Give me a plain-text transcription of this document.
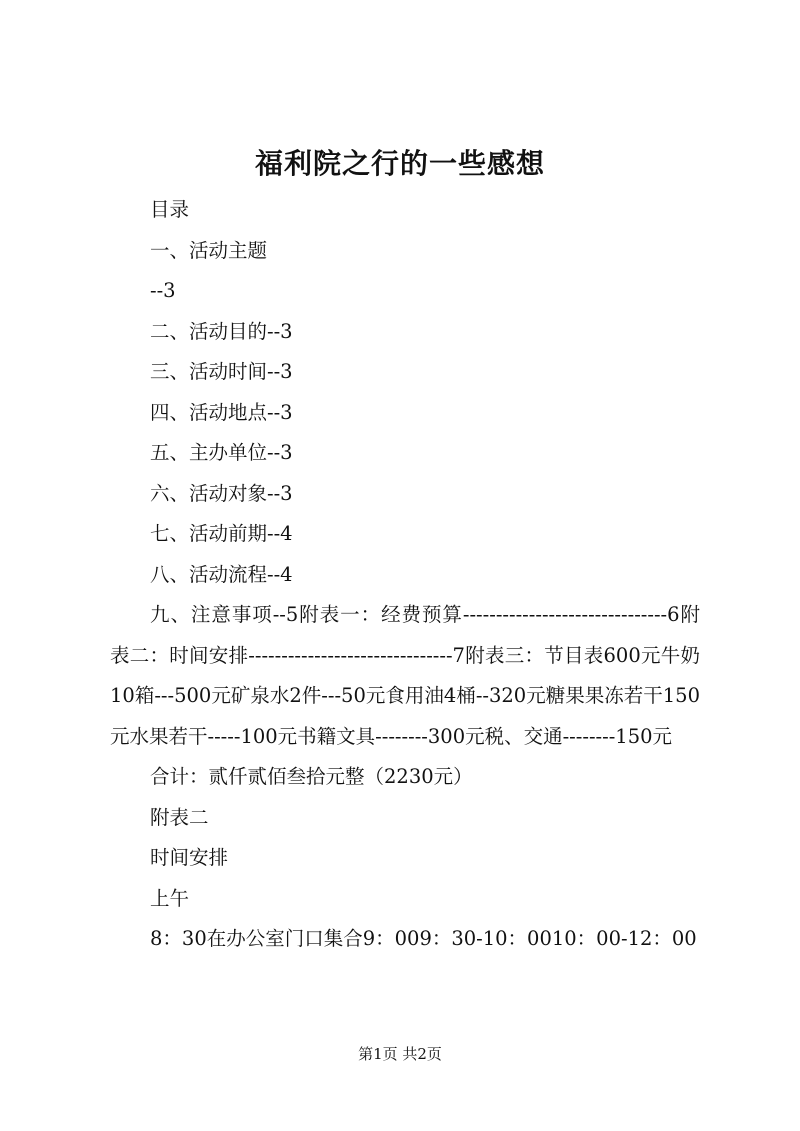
福利院之行的一些感想

目录

一、活动主题

--3

二、活动目的--3

三、活动时间--3

四、活动地点--3

五、主办单位--3

六、活动对象--3

七、活动前期--4

八、活动流程--4

九、注意事项--5附表一：经费预算-------------------------------6附表二：时间安排-------------------------------7附表三：节目表600元牛奶10箱---500元矿泉水2件---50元食用油4桶--320元糖果果冻若干150元水果若干-----100元书籍文具--------300元税、交通--------150元

合计：贰仟贰佰叁拾元整（2230元）

附表二

时间安排

上午

8：30在办公室门口集合9：009：30-10：0010：00-12：00

第1页 共2页
